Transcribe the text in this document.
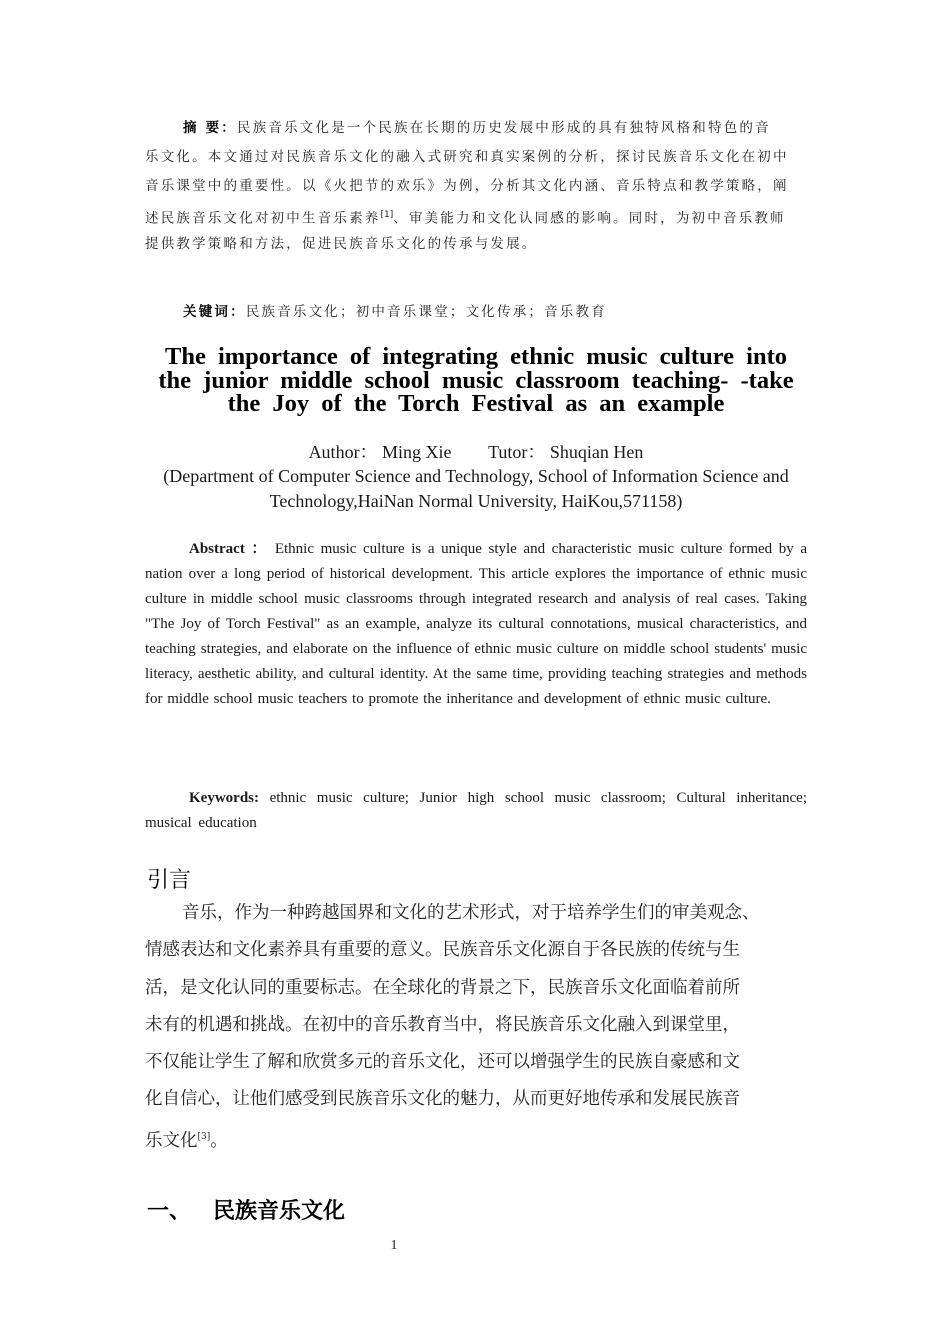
摘 要：民族音乐文化是一个民族在长期的历史发展中形成的具有独特风格和特色的音
乐文化。本文通过对民族音乐文化的融入式研究和真实案例的分析，探讨民族音乐文化在初中
音乐课堂中的重要性。以《火把节的欢乐》为例，分析其文化内涵、音乐特点和教学策略，阐
述民族音乐文化对初中生音乐素养[1]、审美能力和文化认同感的影响。同时，为初中音乐教师
提供教学策略和方法，促进民族音乐文化的传承与发展。
关键词：民族音乐文化；初中音乐课堂；文化传承；音乐教育
The importance of integrating ethnic music culture into the junior middle school music classroom teaching- -take the Joy of the Torch Festival as an example
Author： Ming Xie Tutor： Shuqian Hen
(Department of Computer Science and Technology, School of Information Science and Technology,HaiNan Normal University, HaiKou,571158)
Abstract ： Ethnic music culture is a unique style and characteristic music culture formed by a nation over a long period of historical development. This article explores the importance of ethnic music culture in middle school music classrooms through integrated research and analysis of real cases. Taking "The Joy of Torch Festival" as an example, analyze its cultural connotations, musical characteristics, and teaching strategies, and elaborate on the influence of ethnic music culture on middle school students' music literacy, aesthetic ability, and cultural identity. At the same time, providing teaching strategies and methods for middle school music teachers to promote the inheritance and development of ethnic music culture.
Keywords: ethnic music culture; Junior high school music classroom; Cultural inheritance; musical education
引言
音乐，作为一种跨越国界和文化的艺术形式，对于培养学生们的审美观念、
情感表达和文化素养具有重要的意义。民族音乐文化源自于各民族的传统与生
活，是文化认同的重要标志。在全球化的背景之下，民族音乐文化面临着前所
未有的机遇和挑战。在初中的音乐教育当中，将民族音乐文化融入到课堂里，
不仅能让学生了解和欣赏多元的音乐文化，还可以增强学生的民族自豪感和文
化自信心，让他们感受到民族音乐文化的魅力，从而更好地传承和发展民族音
乐文化[3]。
一、 民族音乐文化
1
